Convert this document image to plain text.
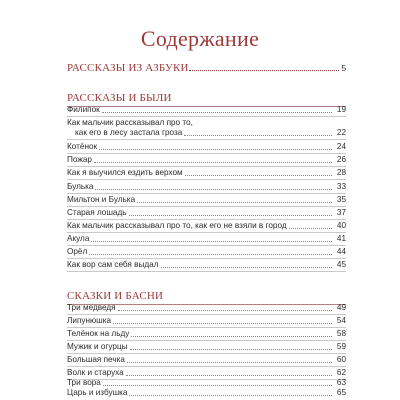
Содержание
РАССКАЗЫ ИЗ АЗБУКИ	5
РАССКАЗЫ И БЫЛИ
Филипок	19
Как мальчик рассказывал про то,
как его в лесу застала гроза	22
Котёнок	24
Пожар	26
Как я выучился ездить верхом	28
Булька	33
Мильтон и Булька	35
Старая лошадь	37
Как мальчик рассказывал про то, как его не взяли в город	40
Акула	41
Орёл	44
Как вор сам себя выдал	45
СКАЗКИ И БАСНИ
Три медведя	49
Липунюшка	54
Телёнок на льду	58
Мужик и огурцы	59
Большая печка	60
Волк и старуха	62
Три вора	63
Царь и избушка	65
